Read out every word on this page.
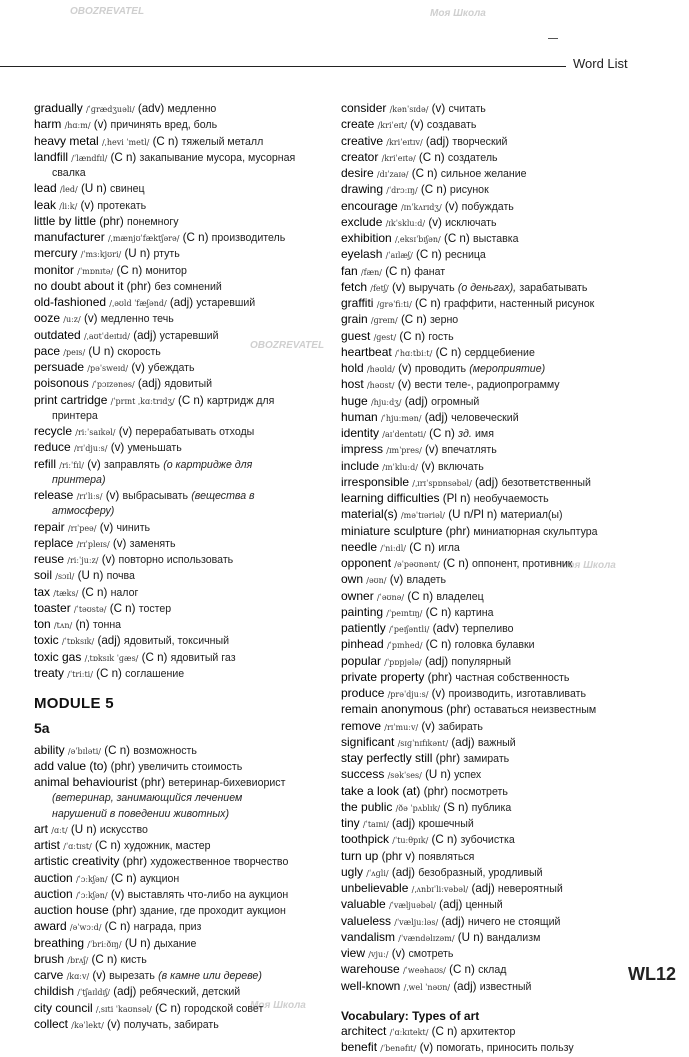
Word List
OBOZREVATEL	Моя Школа
OBOZREVATEL
Моя Школа
Моя Школа
gradually /ˈɡrædʒuəli/ (adv) медленно
harm /hɑːm/ (v) причинять вред, боль
heavy metal /ˌhevi ˈmetl/ (C n) тяжелый металл
landfill /ˈlændfɪl/ (C n) закапывание мусора, мусорная
свалка
lead /led/ (U n) свинец
leak /liːk/ (v) протекать
little by little (phr) понемногу
manufacturer /ˌmænjʊˈfæktʃərə/ (C n) производитель
mercury /ˈmɜːkjʊri/ (U n) ртуть
monitor /ˈmɒnɪtə/ (C n) монитор
no doubt about it (phr) без сомнений
old-fashioned /ˌəʊld ˈfæʃənd/ (adj) устаревший
ooze /uːz/ (v) медленно течь
outdated /ˌaʊtˈdeɪtɪd/ (adj) устаревший
pace /peɪs/ (U n) скорость
persuade /pəˈsweɪd/ (v) убеждать
poisonous /ˈpɔɪzənəs/ (adj) ядовитый
print cartridge /ˈprɪnt ˌkɑːtrɪdʒ/ (C n) картридж для
принтера
recycle /riːˈsaɪkəl/ (v) перерабатывать отходы
reduce /rɪˈdjuːs/ (v) уменьшать
refill /riːˈfɪl/ (v) заправлять (о картридже для
принтера)
release /rɪˈliːs/ (v) выбрасывать (вещества в
атмосферу)
repair /rɪˈpeə/ (v) чинить
replace /rɪˈpleɪs/ (v) заменять
reuse /riːˈjuːz/ (v) повторно использовать
soil /sɔɪl/ (U n) почва
tax /tæks/ (C n) налог
toaster /ˈtəʊstə/ (C n) тостер
ton /tʌn/ (n) тонна
toxic /ˈtɒksɪk/ (adj) ядовитый, токсичный
toxic gas /ˌtɒksɪk ˈɡæs/ (C n) ядовитый газ
treaty /ˈtriːti/ (C n) соглашение
MODULE 5
5a
ability /əˈbɪləti/ (C n) возможность
add value (to) (phr) увеличить стоимость
animal behaviourist (phr) ветеринар-бихевиорист
(ветеринар, занимающийся лечением
нарушений в поведении животных)
art /ɑːt/ (U n) искусство
artist /ˈɑːtɪst/ (C n) художник, мастер
artistic creativity (phr) художественное творчество
auction /ˈɔːkʃən/ (C n) аукцион
auction /ˈɔːkʃən/ (v) выставлять что-либо на аукцион
auction house (phr) здание, где проходит аукцион
award /əˈwɔːd/ (C n) награда, приз
breathing /ˈbriːðɪŋ/ (U n) дыхание
brush /brʌʃ/ (C n) кисть
carve /kɑːv/ (v) вырезать (в камне или дереве)
childish /ˈtʃaɪldɪʃ/ (adj) ребячеcкий, детский
city council /ˌsɪti ˈkaʊnsəl/ (C n) городской совет
collect /kəˈlekt/ (v) получать, забирать
consider /kənˈsɪdə/ (v) считать
create /kriˈeɪt/ (v) создавать
creative /kriˈeɪtɪv/ (adj) творческий
creator /kriˈeɪtə/ (C n) создатель
desire /dɪˈzaɪə/ (C n) сильное желание
drawing /ˈdrɔːɪŋ/ (C n) рисунок
encourage /ɪnˈkʌrɪdʒ/ (v) побуждать
exclude /ɪkˈskluːd/ (v) исключать
exhibition /ˌeksɪˈbɪʃən/ (C n) выставка
eyelash /ˈaɪlæʃ/ (C n) ресница
fan /fæn/ (C n) фанат
fetch /fetʃ/ (v) выручать (о деньгах), зарабатывать
graffiti /ɡrəˈfiːti/ (C n) граффити, настенный рисунок
grain /ɡreɪn/ (C n) зерно
guest /ɡest/ (C n) гость
heartbeat /ˈhɑːtbiːt/ (C n) сердцебиение
hold /həʊld/ (v) проводить (мероприятие)
host /həʊst/ (v) вести теле-, радиопрограмму
huge /hjuːdʒ/ (adj) огромный
human /ˈhjuːmən/ (adj) человеческий
identity /aɪˈdentəti/ (C n) зд. имя
impress /ɪmˈpres/ (v) впечатлять
include /ɪnˈkluːd/ (v) включать
irresponsible /ˌɪrɪˈspɒnsəbəl/ (adj) безответственный
learning difficulties (Pl n) необучаемость
material(s) /məˈtɪəriəl/ (U n/Pl n) материал(ы)
miniature sculpture (phr) миниатюрная скульптура
needle /ˈniːdl/ (C n) игла
opponent /əˈpəʊnənt/ (C n) оппонент, противник
own /əʊn/ (v) владеть
owner /ˈəʊnə/ (C n) владелец
painting /ˈpeɪntɪŋ/ (C n) картина
patiently /ˈpeɪʃəntli/ (adv) терпеливо
pinhead /ˈpɪnhed/ (C n) головка булавки
popular /ˈpɒpjələ/ (adj) популярный
private property (phr) частная собственность
produce /prəˈdjuːs/ (v) производить, изготавливать
remain anonymous (phr) оставаться неизвестным
remove /rɪˈmuːv/ (v) забирать
significant /sɪɡˈnɪfɪkənt/ (adj) важный
stay perfectly still (phr) замирать
success /səkˈses/ (U n) успех
take a look (at) (phr) посмотреть
the public /ðə ˈpʌblɪk/ (S n) публика
tiny /ˈtaɪni/ (adj) крошечный
toothpick /ˈtuːθpɪk/ (C n) зубочистка
turn up (phr v) появляться
ugly /ˈʌɡli/ (adj) безобразный, уродливый
unbelievable /ˌʌnbɪˈliːvəbəl/ (adj) невероятный
valuable /ˈvæljuəbəl/ (adj) ценный
valueless /ˈvæljuːləs/ (adj) ничего не стоящий
vandalism /ˈvændəlɪzəm/ (U n) вандализм
view /vjuː/ (v) смотреть
warehouse /ˈweəhaʊs/ (C n) склад
well-known /ˌwel ˈnəʊn/ (adj) известный
Vocabulary: Types of art
architect /ˈɑːkɪtekt/ (C n) архитектор
benefit /ˈbenəfɪt/ (v) помогать, приносить пользу
WL12
